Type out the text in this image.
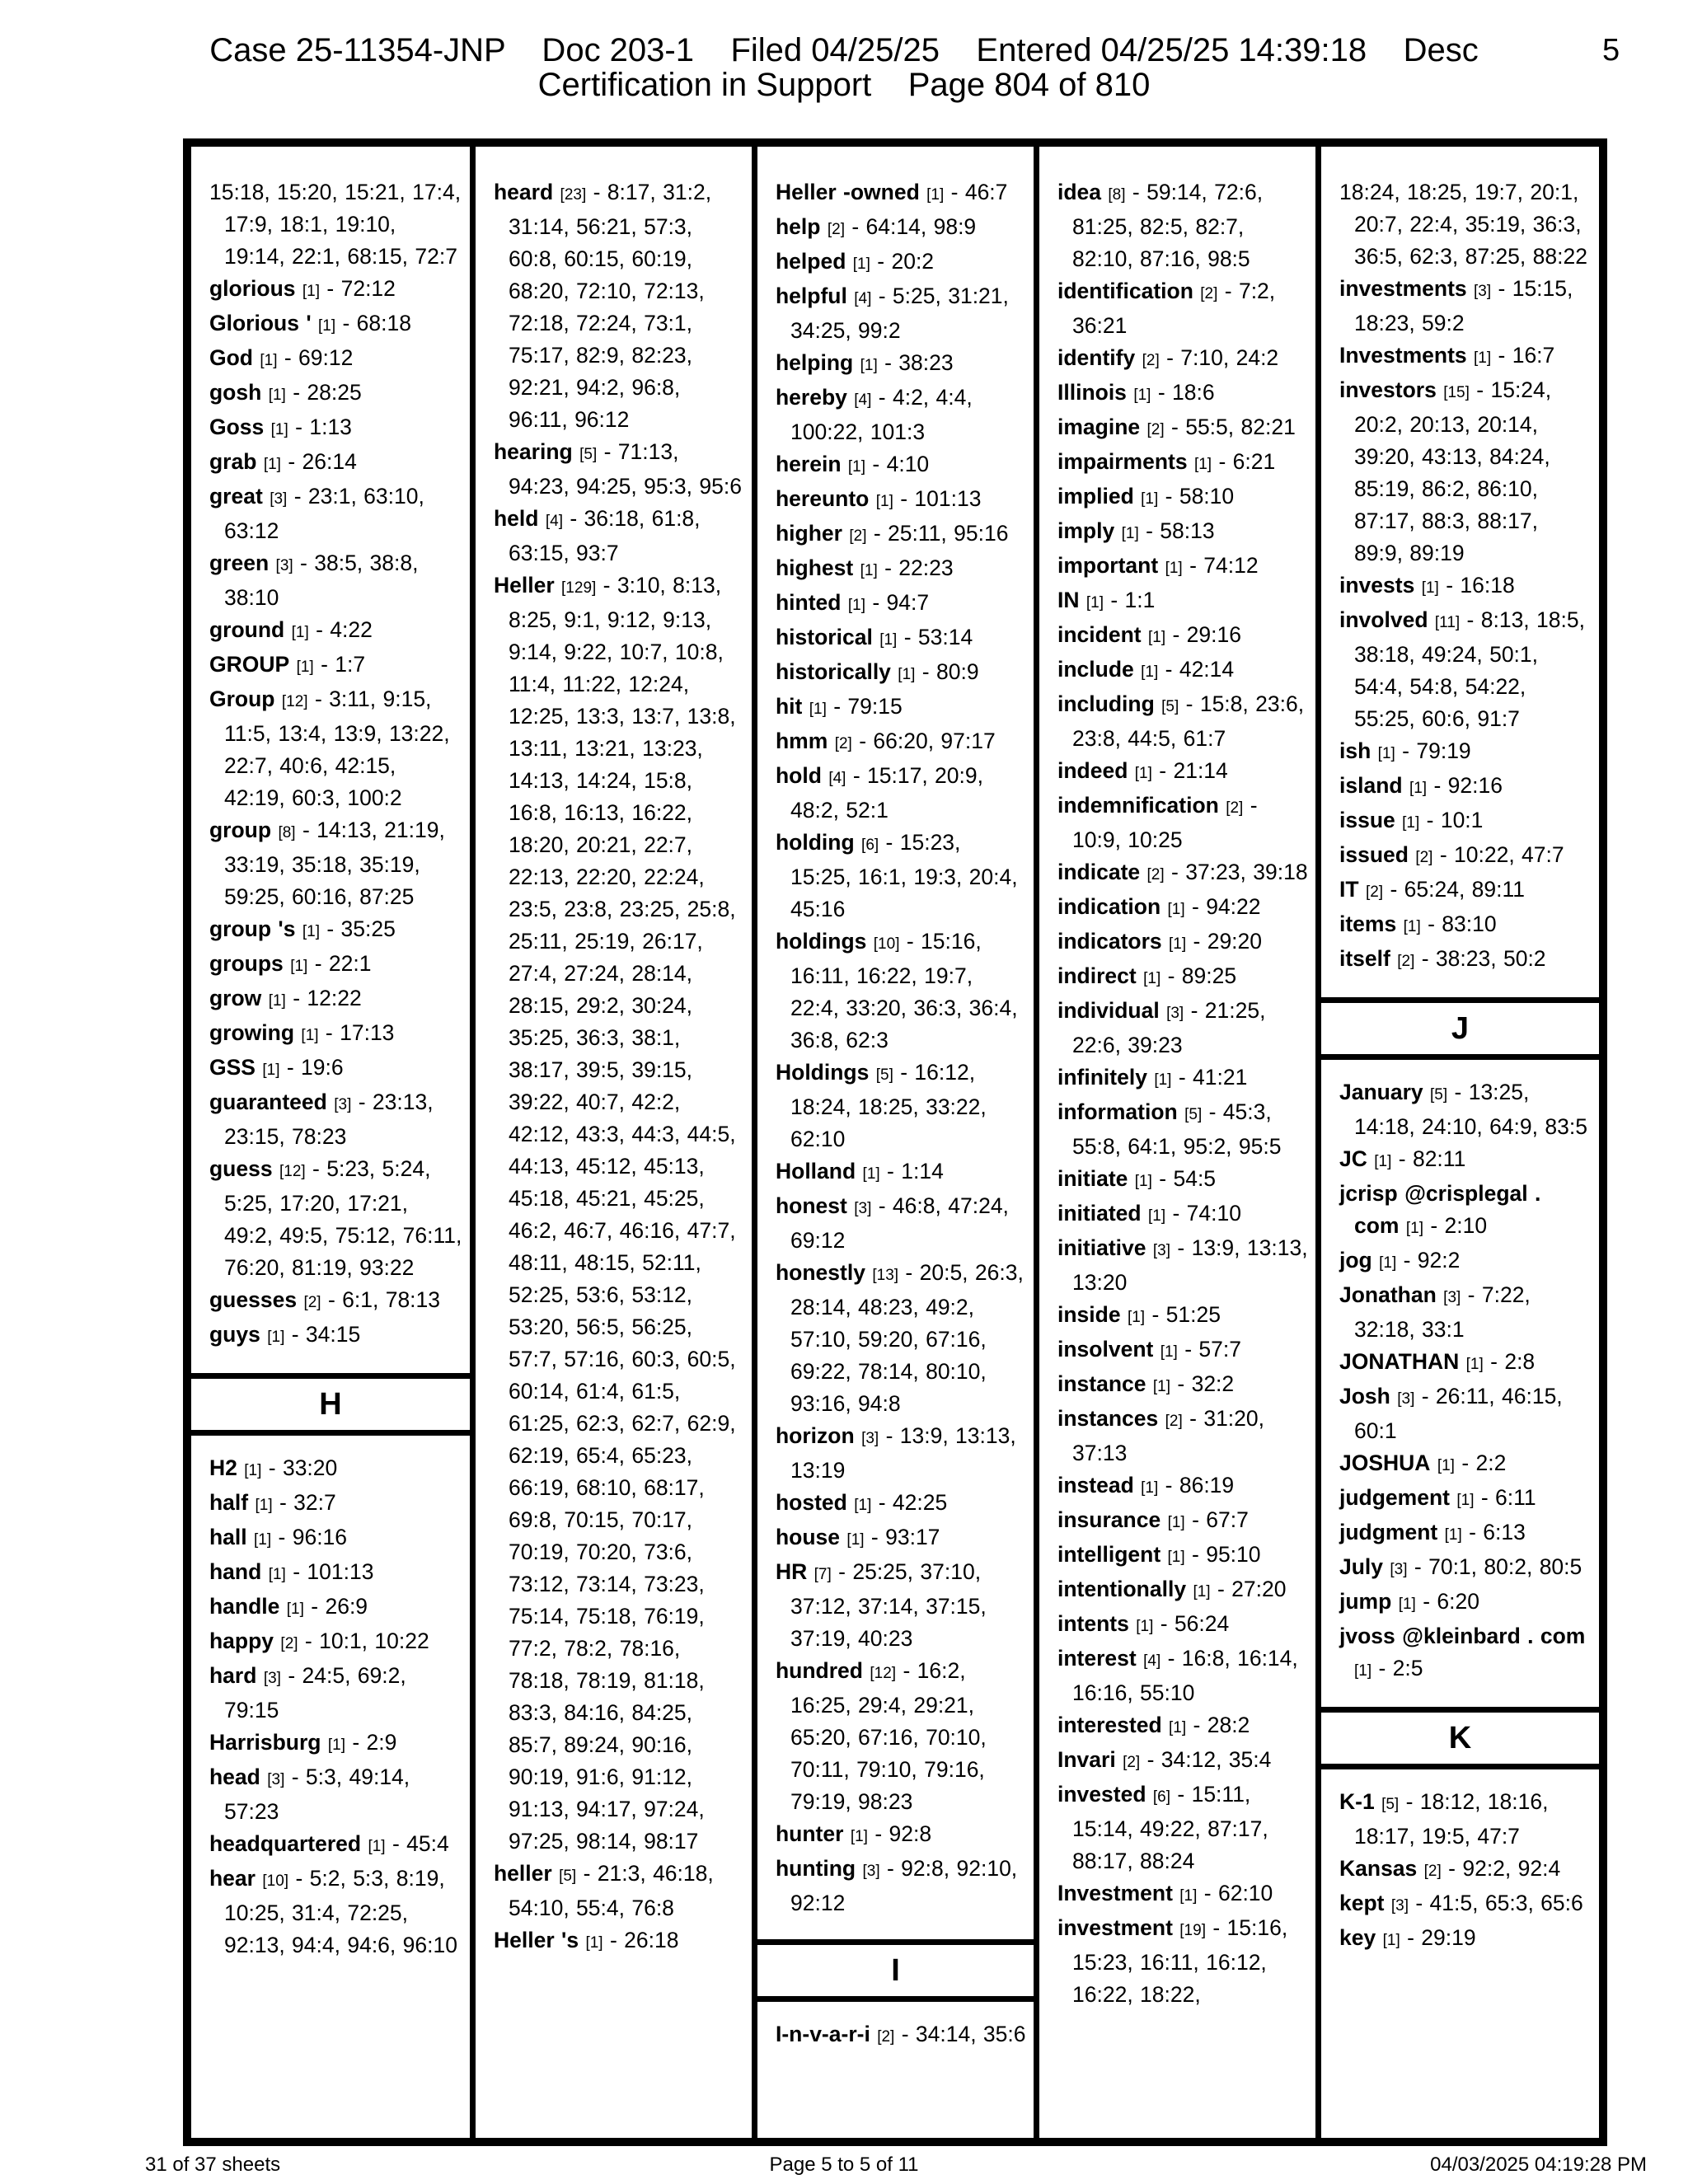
Case 25-11354-JNP    Doc 203-1    Filed 04/25/25    Entered 04/25/25 14:39:18    Desc
Certification in Support    Page 804 of 810
5
15:18, 15:20, 15:21, 17:4, 17:9, 18:1, 19:10, 19:14, 22:1, 68:15, 72:7
glorious [1] - 72:12
Glorious ' [1] - 68:18
God [1] - 69:12
gosh [1] - 28:25
Goss [1] - 1:13
grab [1] - 26:14
great [3] - 23:1, 63:10, 63:12
green [3] - 38:5, 38:8, 38:10
ground [1] - 4:22
GROUP [1] - 1:7
Group [12] - 3:11, 9:15, 11:5, 13:4, 13:9, 13:22, 22:7, 40:6, 42:15, 42:19, 60:3, 100:2
group [8] - 14:13, 21:19, 33:19, 35:18, 35:19, 59:25, 60:16, 87:25
group 's [1] - 35:25
groups [1] - 22:1
grow [1] - 12:22
growing [1] - 17:13
GSS [1] - 19:6
guaranteed [3] - 23:13, 23:15, 78:23
guess [12] - 5:23, 5:24, 5:25, 17:20, 17:21, 49:2, 49:5, 75:12, 76:11, 76:20, 81:19, 93:22
guesses [2] - 6:1, 78:13
guys [1] - 34:15
H
H2 [1] - 33:20
half [1] - 32:7
hall [1] - 96:16
hand [1] - 101:13
handle [1] - 26:9
happy [2] - 10:1, 10:22
hard [3] - 24:5, 69:2, 79:15
Harrisburg [1] - 2:9
head [3] - 5:3, 49:14, 57:23
headquartered [1] - 45:4
hear [10] - 5:2, 5:3, 8:19, 10:25, 31:4, 72:25, 92:13, 94:4, 94:6, 96:10
heard [23] - 8:17, 31:2, 31:14, 56:21, 57:3, 60:8, 60:15, 60:19, 68:20, 72:10, 72:13, 72:18, 72:24, 73:1, 75:17, 82:9, 82:23, 92:21, 94:2, 96:8, 96:11, 96:12
hearing [5] - 71:13, 94:23, 94:25, 95:3, 95:6
held [4] - 36:18, 61:8, 63:15, 93:7
Heller [129] - 3:10, 8:13, 8:25, 9:1, 9:12, 9:13, 9:14, 9:22, 10:7, 10:8, 11:4, 11:22, 12:24, 12:25, 13:3, 13:7, 13:8, 13:11, 13:21, 13:23, 14:13, 14:24, 15:8, 16:8, 16:13, 16:22, 18:20, 20:21, 22:7, 22:13, 22:20, 22:24, 23:5, 23:8, 23:25, 25:8, 25:11, 25:19, 26:17, 27:4, 27:24, 28:14, 28:15, 29:2, 30:24, 35:25, 36:3, 38:1, 38:17, 39:5, 39:15, 39:22, 40:7, 42:2, 42:12, 43:3, 44:3, 44:5, 44:13, 45:12, 45:13, 45:18, 45:21, 45:25, 46:2, 46:7, 46:16, 47:7, 48:11, 48:15, 52:11, 52:25, 53:6, 53:12, 53:20, 56:5, 56:25, 57:7, 57:16, 60:3, 60:5, 60:14, 61:4, 61:5, 61:25, 62:3, 62:7, 62:9, 62:19, 65:4, 65:23, 66:19, 68:10, 68:17, 69:8, 70:15, 70:17, 70:19, 70:20, 73:6, 73:12, 73:14, 73:23, 75:14, 75:18, 76:19, 77:2, 78:2, 78:16, 78:18, 78:19, 81:18, 83:3, 84:16, 84:25, 85:7, 89:24, 90:16, 90:19, 91:6, 91:12, 91:13, 94:17, 97:24, 97:25, 98:14, 98:17
heller [5] - 21:3, 46:18, 54:10, 55:4, 76:8
Heller 's [1] - 26:18
Heller -owned [1] - 46:7
help [2] - 64:14, 98:9
helped [1] - 20:2
helpful [4] - 5:25, 31:21, 34:25, 99:2
helping [1] - 38:23
hereby [4] - 4:2, 4:4, 100:22, 101:3
herein [1] - 4:10
hereunto [1] - 101:13
higher [2] - 25:11, 95:16
highest [1] - 22:23
hinted [1] - 94:7
historical [1] - 53:14
historically [1] - 80:9
hit [1] - 79:15
hmm [2] - 66:20, 97:17
hold [4] - 15:17, 20:9, 48:2, 52:1
holding [6] - 15:23, 15:25, 16:1, 19:3, 20:4, 45:16
holdings [10] - 15:16, 16:11, 16:22, 19:7, 22:4, 33:20, 36:3, 36:4, 36:8, 62:3
Holdings [5] - 16:12, 18:24, 18:25, 33:22, 62:10
Holland [1] - 1:14
honest [3] - 46:8, 47:24, 69:12
honestly [13] - 20:5, 26:3, 28:14, 48:23, 49:2, 57:10, 59:20, 67:16, 69:22, 78:14, 80:10, 93:16, 94:8
horizon [3] - 13:9, 13:13, 13:19
hosted [1] - 42:25
house [1] - 93:17
HR [7] - 25:25, 37:10, 37:12, 37:14, 37:15, 37:19, 40:23
hundred [12] - 16:2, 16:25, 29:4, 29:21, 65:20, 67:16, 70:10, 70:11, 79:10, 79:16, 79:19, 98:23
hunter [1] - 92:8
hunting [3] - 92:8, 92:10, 92:12
I
I-n-v-a-r-i [2] - 34:14, 35:6
idea [8] - 59:14, 72:6, 81:25, 82:5, 82:7, 82:10, 87:16, 98:5
identification [2] - 7:2, 36:21
identify [2] - 7:10, 24:2
Illinois [1] - 18:6
imagine [2] - 55:5, 82:21
impairments [1] - 6:21
implied [1] - 58:10
imply [1] - 58:13
important [1] - 74:12
IN [1] - 1:1
incident [1] - 29:16
include [1] - 42:14
including [5] - 15:8, 23:6, 23:8, 44:5, 61:7
indeed [1] - 21:14
indemnification [2] - 10:9, 10:25
indicate [2] - 37:23, 39:18
indication [1] - 94:22
indicators [1] - 29:20
indirect [1] - 89:25
individual [3] - 21:25, 22:6, 39:23
infinitely [1] - 41:21
information [5] - 45:3, 55:8, 64:1, 95:2, 95:5
initiate [1] - 54:5
initiated [1] - 74:10
initiative [3] - 13:9, 13:13, 13:20
inside [1] - 51:25
insolvent [1] - 57:7
instance [1] - 32:2
instances [2] - 31:20, 37:13
instead [1] - 86:19
insurance [1] - 67:7
intelligent [1] - 95:10
intentionally [1] - 27:20
intents [1] - 56:24
interest [4] - 16:8, 16:14, 16:16, 55:10
interested [1] - 28:2
Invari [2] - 34:12, 35:4
invested [6] - 15:11, 15:14, 49:22, 87:17, 88:17, 88:24
Investment [1] - 62:10
investment [19] - 15:16, 15:23, 16:11, 16:12, 16:22, 18:22,
18:24, 18:25, 19:7, 20:1, 20:7, 22:4, 35:19, 36:3, 36:5, 62:3, 87:25, 88:22
investments [3] - 15:15, 18:23, 59:2
Investments [1] - 16:7
investors [15] - 15:24, 20:2, 20:13, 20:14, 39:20, 43:13, 84:24, 85:19, 86:2, 86:10, 87:17, 88:3, 88:17, 89:9, 89:19
invests [1] - 16:18
involved [11] - 8:13, 18:5, 38:18, 49:24, 50:1, 54:4, 54:8, 54:22, 55:25, 60:6, 91:7
ish [1] - 79:19
island [1] - 92:16
issue [1] - 10:1
issued [2] - 10:22, 47:7
IT [2] - 65:24, 89:11
items [1] - 83:10
itself [2] - 38:23, 50:2
J
January [5] - 13:25, 14:18, 24:10, 64:9, 83:5
JC [1] - 82:11
jcrisp @crisplegal . com [1] - 2:10
jog [1] - 92:2
Jonathan [3] - 7:22, 32:18, 33:1
JONATHAN [1] - 2:8
Josh [3] - 26:11, 46:15, 60:1
JOSHUA [1] - 2:2
judgement [1] - 6:11
judgment [1] - 6:13
July [3] - 70:1, 80:2, 80:5
jump [1] - 6:20
jvoss @kleinbard . com [1] - 2:5
K
K-1 [5] - 18:12, 18:16, 18:17, 19:5, 47:7
Kansas [2] - 92:2, 92:4
kept [3] - 41:5, 65:3, 65:6
key [1] - 29:19
31 of 37 sheets	Page 5 to 5 of 11	04/03/2025 04:19:28 PM
